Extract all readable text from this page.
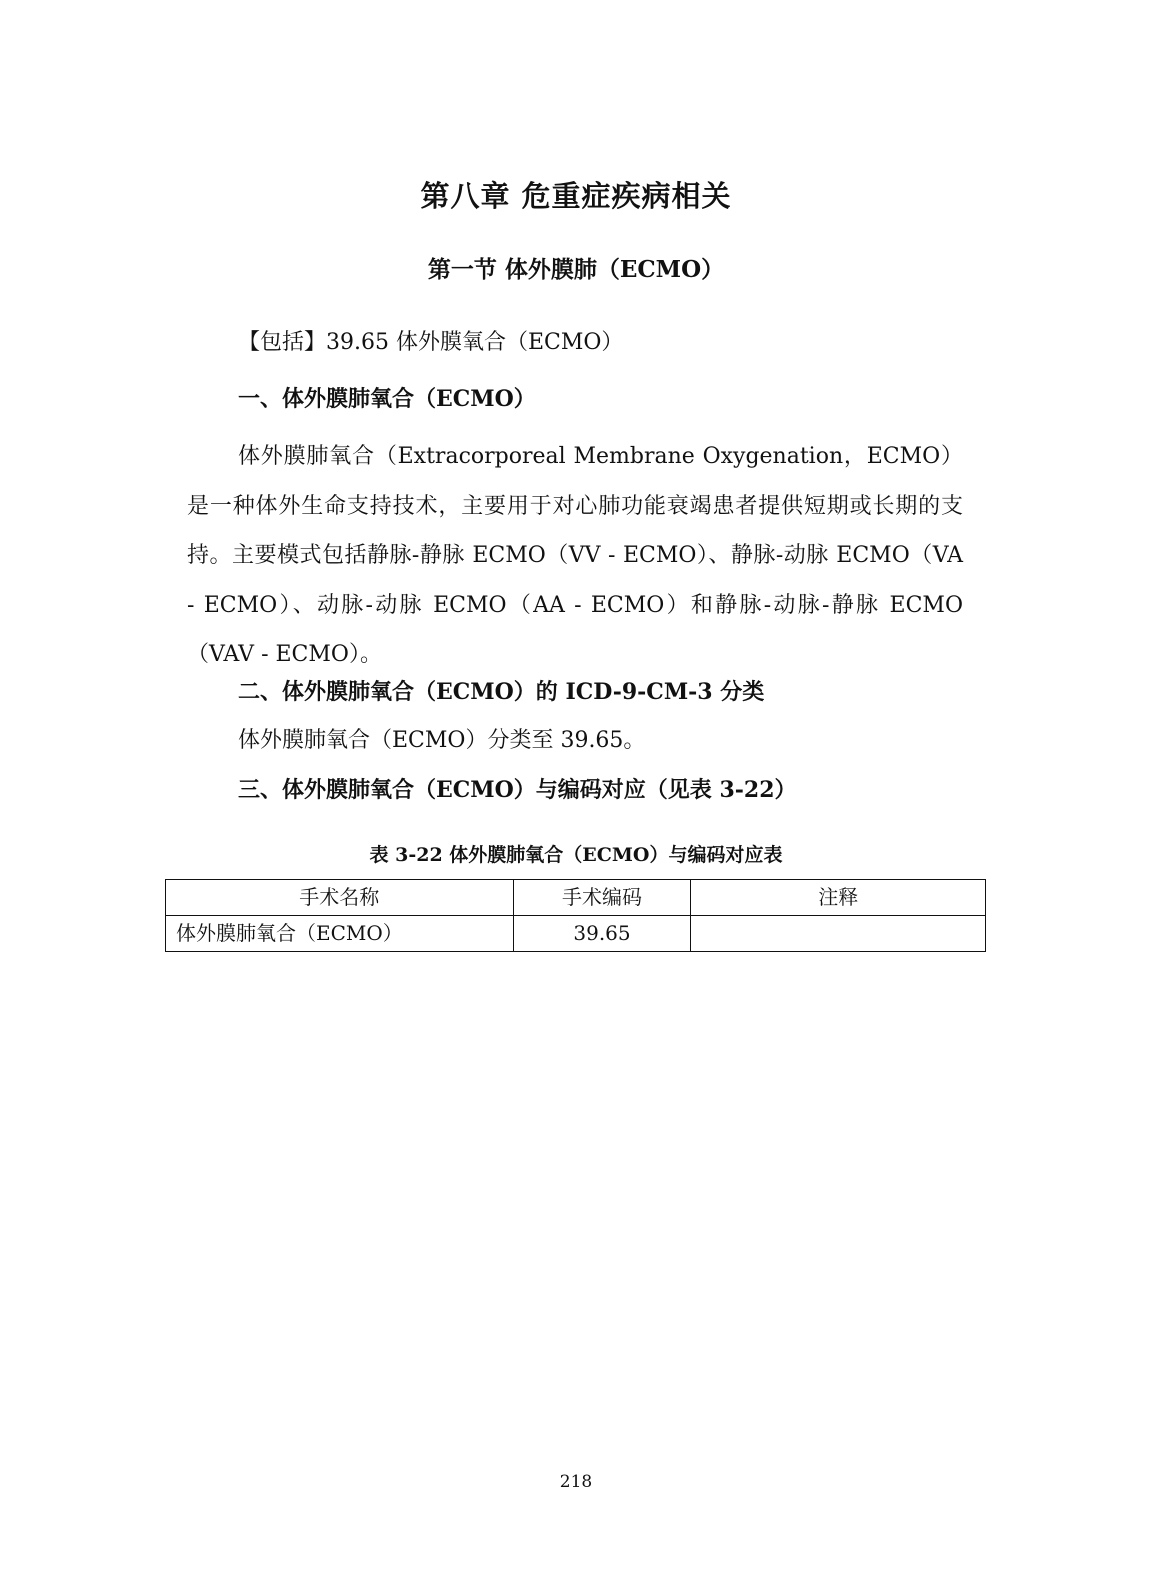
第八章 危重症疾病相关
第一节 体外膜肺（ECMO）

【包括】39.65 体外膜氧合（ECMO）

一、体外膜肺氧合（ECMO）

体外膜肺氧合（Extracorporeal Membrane Oxygenation，ECMO）是一种体外生命支持技术，主要用于对心肺功能衰竭患者提供短期或长期的支持。主要模式包括静脉-静脉 ECMO（VV - ECMO）、静脉-动脉 ECMO（VA - ECMO）、动脉-动脉 ECMO（AA - ECMO）和静脉-动脉-静脉 ECMO（VAV - ECMO）。

二、体外膜肺氧合（ECMO）的 ICD-9-CM-3 分类

体外膜肺氧合（ECMO）分类至 39.65。

三、体外膜肺氧合（ECMO）与编码对应（见表 3-22）

表 3-22 体外膜肺氧合（ECMO）与编码对应表

手术名称	手术编码	注释
体外膜肺氧合（ECMO）	39.65	

218
